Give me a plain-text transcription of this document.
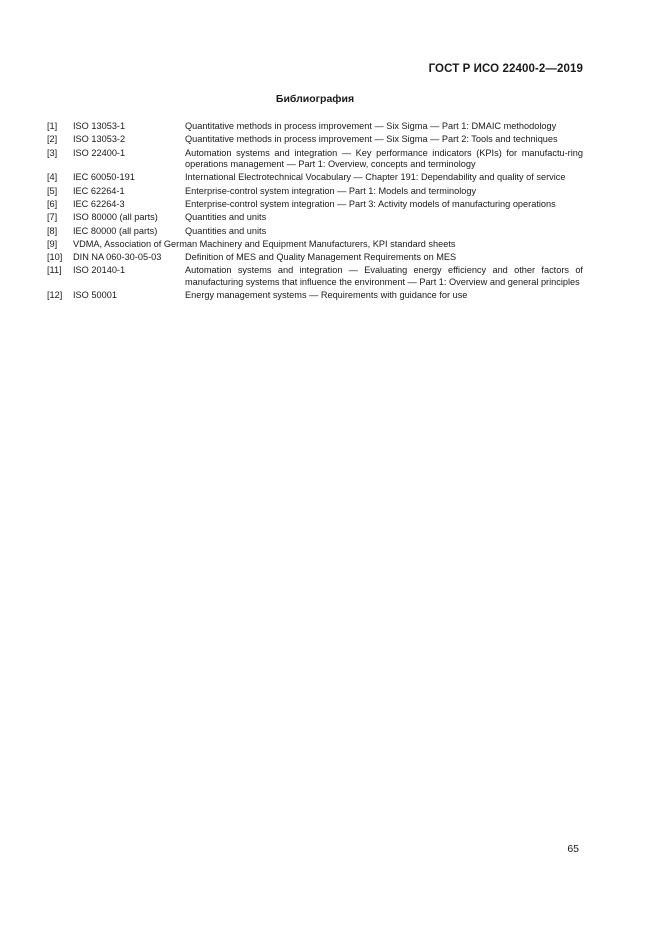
ГОСТ Р ИСО 22400-2—2019
Библиография
[1]	ISO 13053-1	Quantitative methods in process improvement — Six Sigma — Part 1: DMAIC methodology
[2]	ISO 13053-2	Quantitative methods in process improvement — Six Sigma — Part 2: Tools and techniques
[3]	ISO 22400-1	Automation systems and integration — Key performance indicators (KPIs) for manufactu-ring operations management — Part 1: Overview, concepts and terminology
[4]	IEC 60050-191	International Electrotechnical Vocabulary — Chapter 191: Dependability and quality of service
[5]	IEC 62264-1	Enterprise-control system integration — Part 1: Models and terminology
[6]	IEC 62264-3	Enterprise-control system integration — Part 3: Activity models of manufacturing operations
[7]	ISO 80000 (all parts)	Quantities and units
[8]	IEC 80000 (all parts)	Quantities and units
[9]	VDMA, Association of German Machinery and Equipment Manufacturers, KPI standard sheets
[10]	DIN NA 060-30-05-03	Definition of MES and Quality Management Requirements on MES
[11]	ISO 20140-1	Automation systems and integration — Evaluating energy efficiency and other factors of manufacturing systems that influence the environment — Part 1: Overview and general principles
[12]	ISO 50001	Energy management systems — Requirements with guidance for use
65
